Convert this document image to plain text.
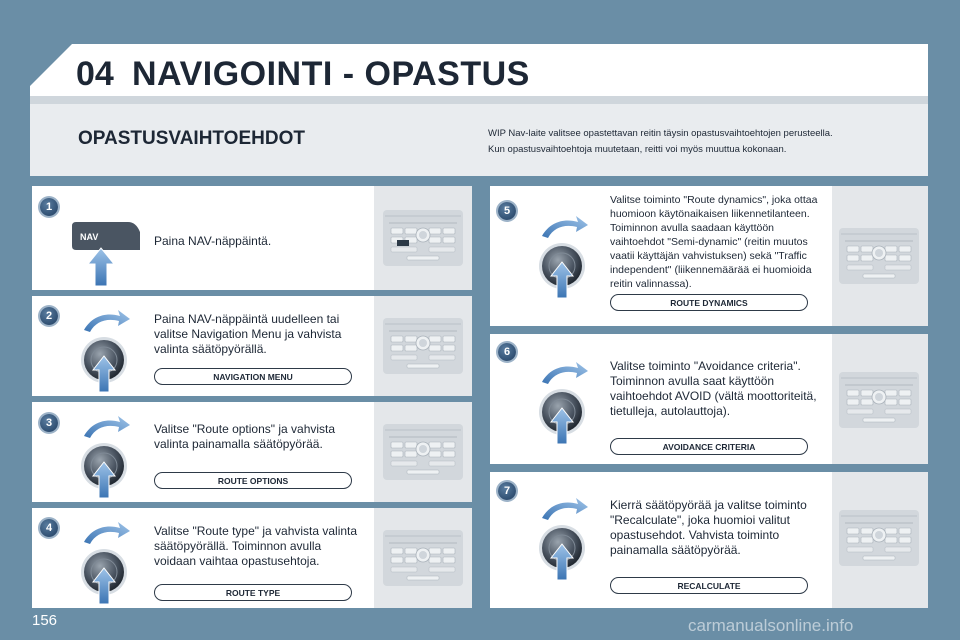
04 NAVIGOINTI - OPASTUS
OPASTUSVAIHTOEHDOT	WIP Nav-laite valitsee opastettavan reitin täysin opastusvaihtoehtojen perusteella.

Kun opastusvaihtoehtoja muutetaan, reitti voi myös muuttua kokonaan.

1
NAV	Paina NAV-näppäintä.
2	Paina NAV-näppäintä uudelleen tai valitse Navigation Menu ja vahvista valinta säätöpyörällä.
NAVIGATION MENU
3	Valitse "Route options" ja vahvista valinta painamalla säätöpyörää.
ROUTE OPTIONS
4	Valitse "Route type" ja vahvista valinta säätöpyörällä. Toiminnon avulla voidaan vaihtaa opastusehtoja.
ROUTE TYPE
5
Valitse toiminto "Route dynamics", joka ottaa huomioon käytönaikaisen liikennetilanteen. Toiminnon avulla saadaan käyttöön vaihtoehdot "Semi-dynamic" (reitin muutos vaatii käyttäjän vahvistuksen) sekä "Traffic independent" (liikennemäärää ei huomioida reitin valinnassa).
ROUTE DYNAMICS
6
Valitse toiminto "Avoidance criteria". Toiminnon avulla saat käyttöön vaihtoehdot AVOID (vältä moottoriteitä, tietulleja, autolauttoja).
AVOIDANCE CRITERIA
7
Kierrä säätöpyörää ja valitse toiminto "Recalculate", joka huomioi valitut opastusehdot. Vahvista toiminto painamalla säätöpyörää.
RECALCULATE
156	carmanualsonline.info
